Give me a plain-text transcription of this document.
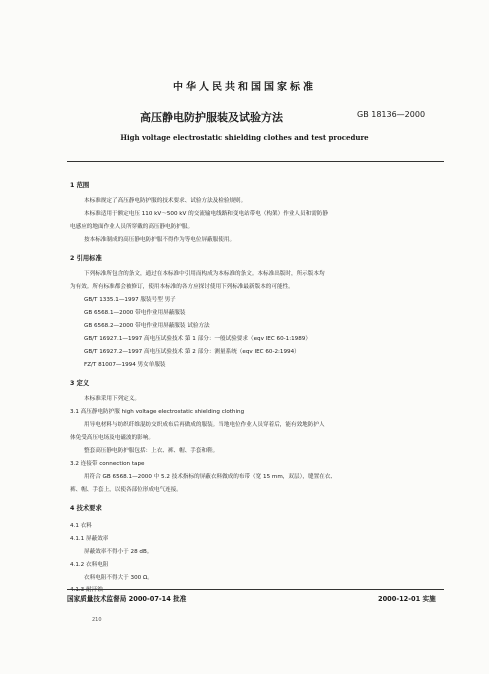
中华人民共和国国家标准
高压静电防护服装及试验方法	GB 18136—2000
High voltage electrostatic shielding clothes and test procedure
1 范围
本标准规定了高压静电防护服的技术要求、试验方法及检验规则。
本标准适用于额定电压 110 kV～500 kV 的交流输电线路和变电站带电（构架）作业人员和需防静
电感应的地面作业人员所穿戴的高压静电防护服。
按本标准制成的高压静电防护服不得作为等电位屏蔽服使用。
2 引用标准
下列标准所包含的条文，通过在本标准中引用而构成为本标准的条文。本标准出版时，所示版本均
为有效。所有标准都会被修订，使用本标准的各方应探讨使用下列标准最新版本的可能性。
GB/T 1335.1—1997 服装号型 男子
GB 6568.1—2000 带电作业用屏蔽服装
GB 6568.2—2000 带电作业用屏蔽服装 试验方法
GB/T 16927.1—1997 高电压试验技术 第 1 部分：一般试验要求（eqv IEC 60-1:1989）
GB/T 16927.2—1997 高电压试验技术 第 2 部分：测量系统（eqv IEC 60-2:1994）
FZ/T 81007—1994 男女单服装
3 定义
本标准采用下列定义。
3.1 高压静电防护服 high voltage electrostatic shielding clothing
用导电材料与纺织纤维混纺交织成布后再做成的服装。当地电位作业人员穿着后，能有效地防护人
体免受高压电场及电磁波的影响。
整套高压静电防护服包括：上衣、裤、帽、手套和鞋。
3.2 连接带 connection tape
用符合 GB 6568.1—2000 中 5.2 技术指标的屏蔽衣料做成的布带（宽 15 mm，双层），缝置在衣、
裤、帽、手套上，以使各部位形成电气连接。
4 技术要求
4.1 衣料
4.1.1 屏蔽效率
屏蔽效率不得小于 28 dB。
4.1.2 衣料电阻
衣料电阻不得大于 300 Ω。
4.1.3 耐汗蚀
国家质量技术监督局 2000-07-14 批准	2000-12-01 实施
210
